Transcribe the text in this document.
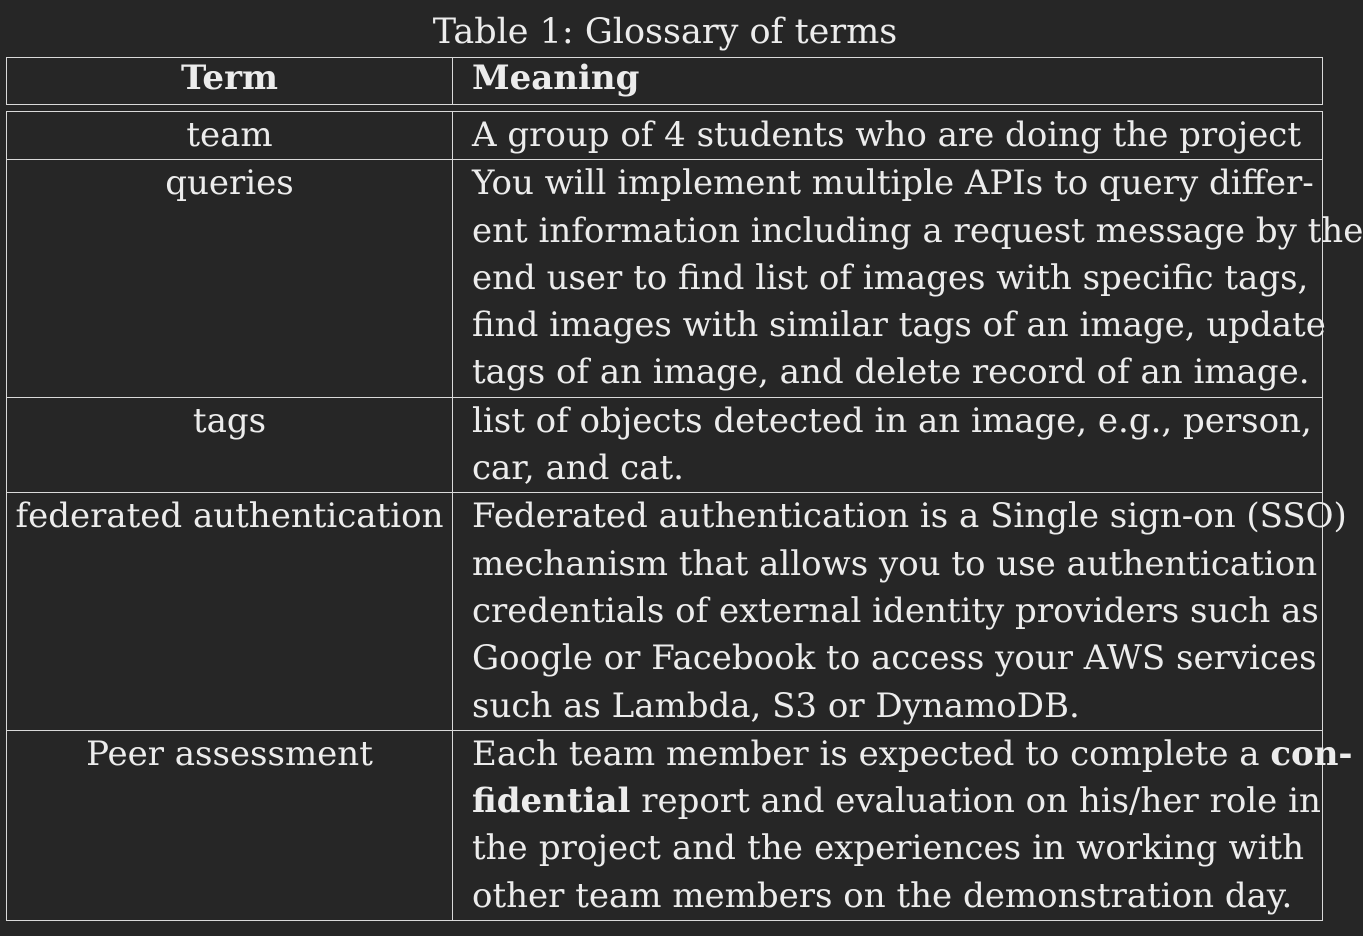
Table 1: Glossary of terms
Term	Meaning
team	A group of 4 students who are doing the project

queries	You will implement multiple APIs to query differ-
ent information including a request message by the
end user to find list of images with specific tags,
find images with similar tags of an image, update
tags of an image, and delete record of an image.

tags	list of objects detected in an image, e.g., person,
car, and cat.

federated authentication	Federated authentication is a Single sign-on (SSO)
mechanism that allows you to use authentication
credentials of external identity providers such as
Google or Facebook to access your AWS services
such as Lambda, S3 or DynamoDB.

Peer assessment	Each team member is expected to complete a con-
fidential report and evaluation on his/her role in
the project and the experiences in working with
other team members on the demonstration day.
